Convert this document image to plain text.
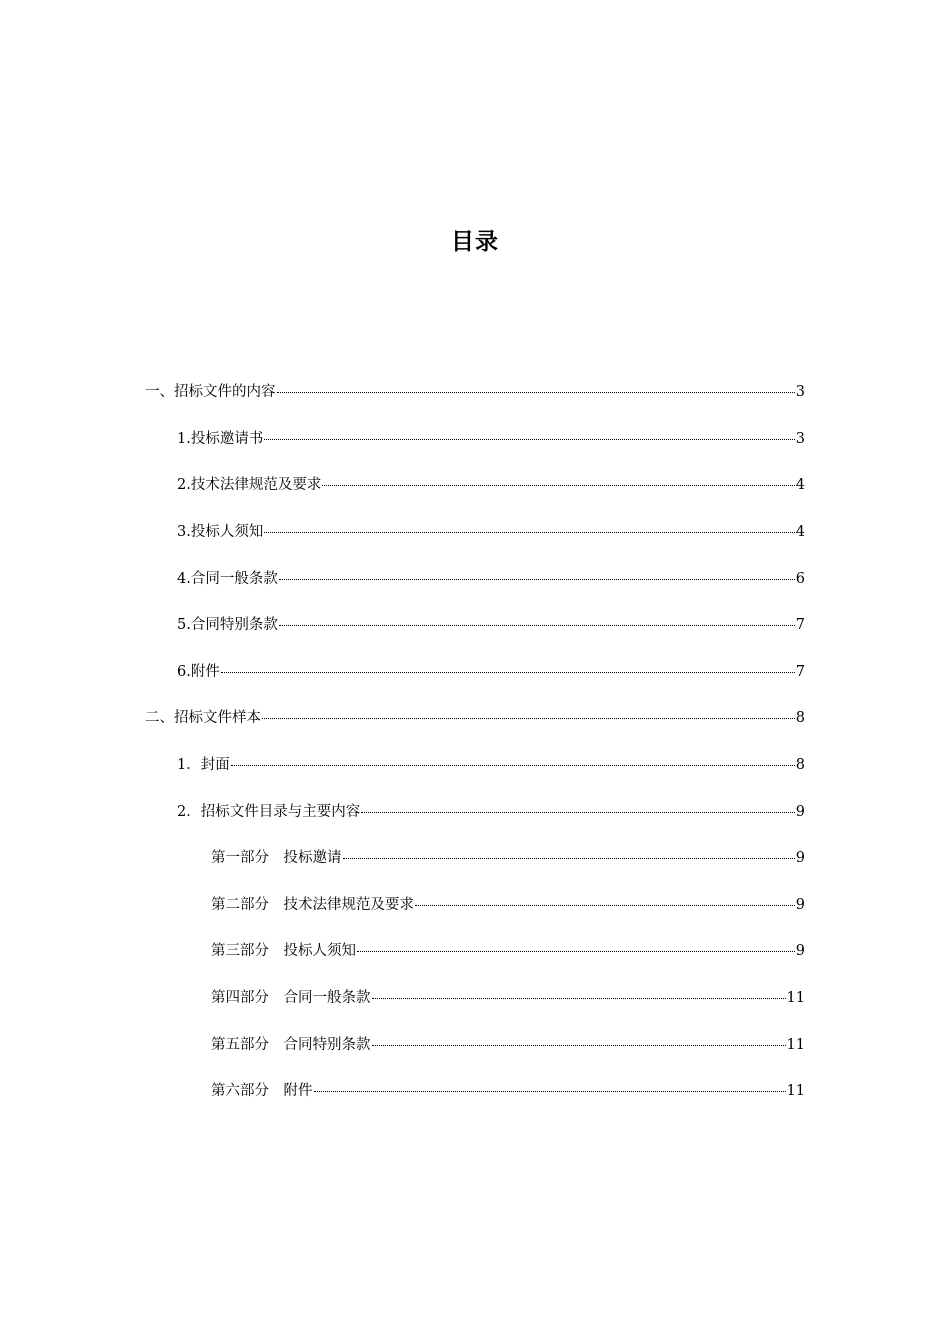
目录
一、招标文件的内容	3
1.投标邀请书	3
2.技术法律规范及要求	4
3.投标人须知	4
4.合同一般条款	6
5.合同特别条款	7
6.附件	7
二、招标文件样本	8
1．封面	8
2．招标文件目录与主要内容	9
第一部分　投标邀请	9
第二部分　技术法律规范及要求	9
第三部分　投标人须知	9
第四部分　合同一般条款	11
第五部分　合同特别条款	11
第六部分　附件	11
